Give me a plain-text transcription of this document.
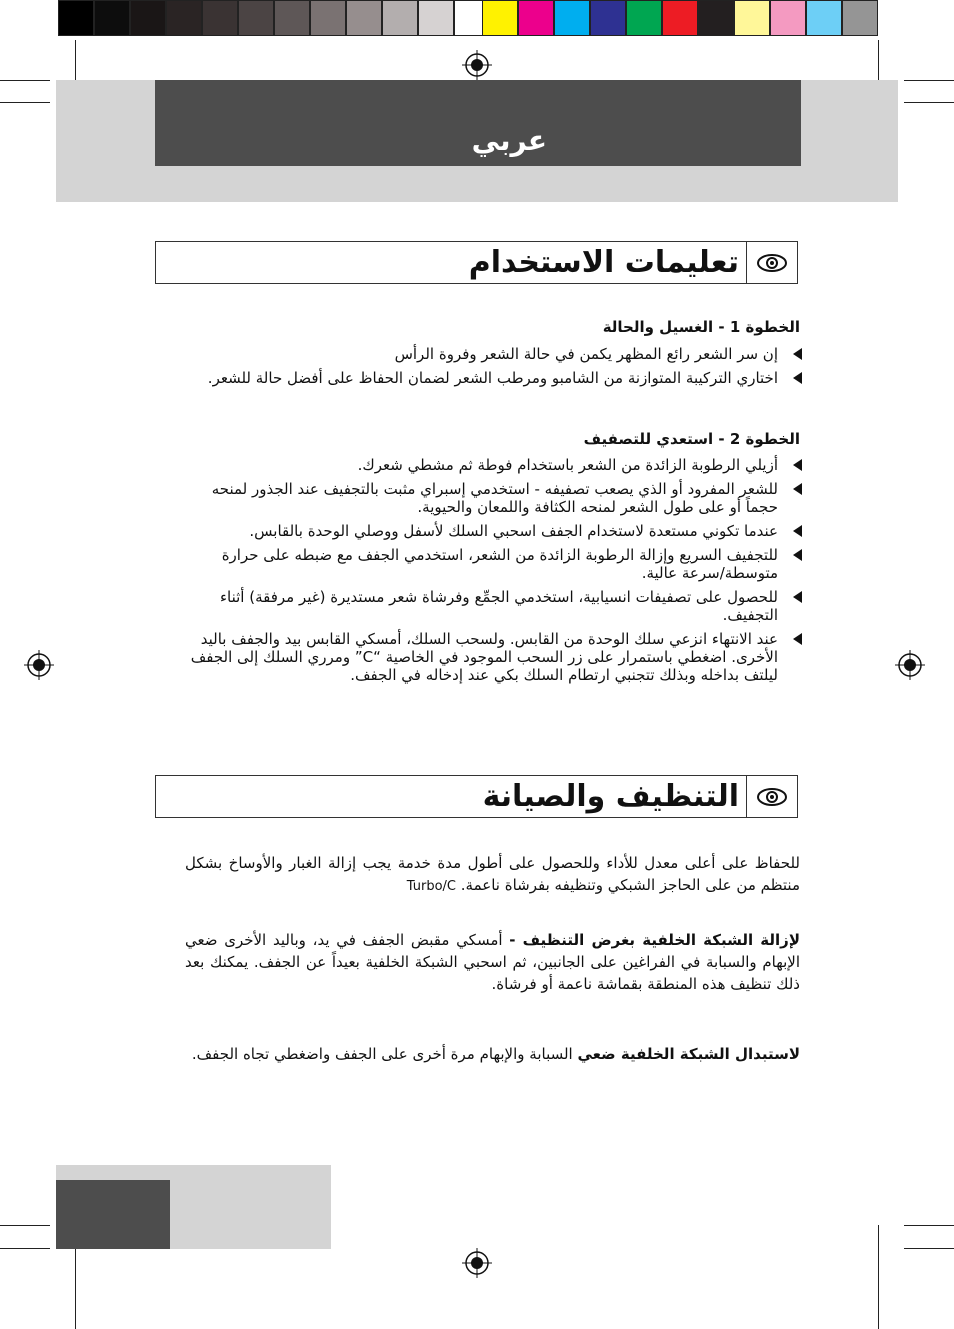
عربي
تعليمات الاستخدام
الخطوة 1 - الغسيل والحالة
إن سر الشعر رائع المظهر يكمن في حالة الشعر وفروة الرأس
اختاري التركيبة المتوازنة من الشامبو ومرطب الشعر لضمان الحفاظ على أفضل حالة للشعر.
الخطوة 2 - استعدي للتصفيف
أزيلي الرطوبة الزائدة من الشعر باستخدام فوطة ثم مشطي شعرك.
للشعر المفرود أو الذي يصعب تصفيفه - استخدمي إسبراي مثبت بالتجفيف عند الجذور لمنحه حجماً أو على طول الشعر لمنحه الكثافة واللمعان والحيوية.
عندما تكوني مستعدة لاستخدام الجفف اسحبي السلك لأسفل ووصلي الوحدة بالقابس.
للتجفيف السريع وإزالة الرطوبة الزائدة من الشعر، استخدمي الجفف مع ضبطه على حرارة متوسطة/سرعة عالية.
للحصول على تصفيفات انسيابية، استخدمي الجمِّع وفرشاة شعر مستديرة (غير مرفقة) أثناء التجفيف.
عند الانتهاء انزعي سلك الوحدة من القابس. ولسحب السلك، أمسكي القابس بيد والجفف باليد الأخرى. اضغطي باستمرار على زر السحب الموجود في الخاصية “C” ومرري السلك إلى الجفف ليلتف بداخله وبذلك تتجنبي ارتطام السلك بكي عند إدخاله في الجفف.
التنظيف والصيانة
للحفاظ على أعلى معدل للأداء وللحصول على أطول مدة خدمة يجب إزالة الغبار والأوساخ بشكل منتظم من على الحاجز الشبكي وتنظيفه بفرشاة ناعمة. Turbo/C
لإزالة الشبكة الخلفية بغرض التنظيف - أمسكي مقبض الجفف في يد، وباليد الأخرى ضعي الإبهام والسبابة في الفراغين على الجانبين، ثم اسحبي الشبكة الخلفية بعيداً عن الجفف. يمكنك بعد ذلك تنظيف هذه المنطقة بقماشة ناعمة أو فرشاة.
لاستبدال الشبكة الخلفية ضعي السبابة والإبهام مرة أخرى على الجفف واضغطي تجاه الجفف.
